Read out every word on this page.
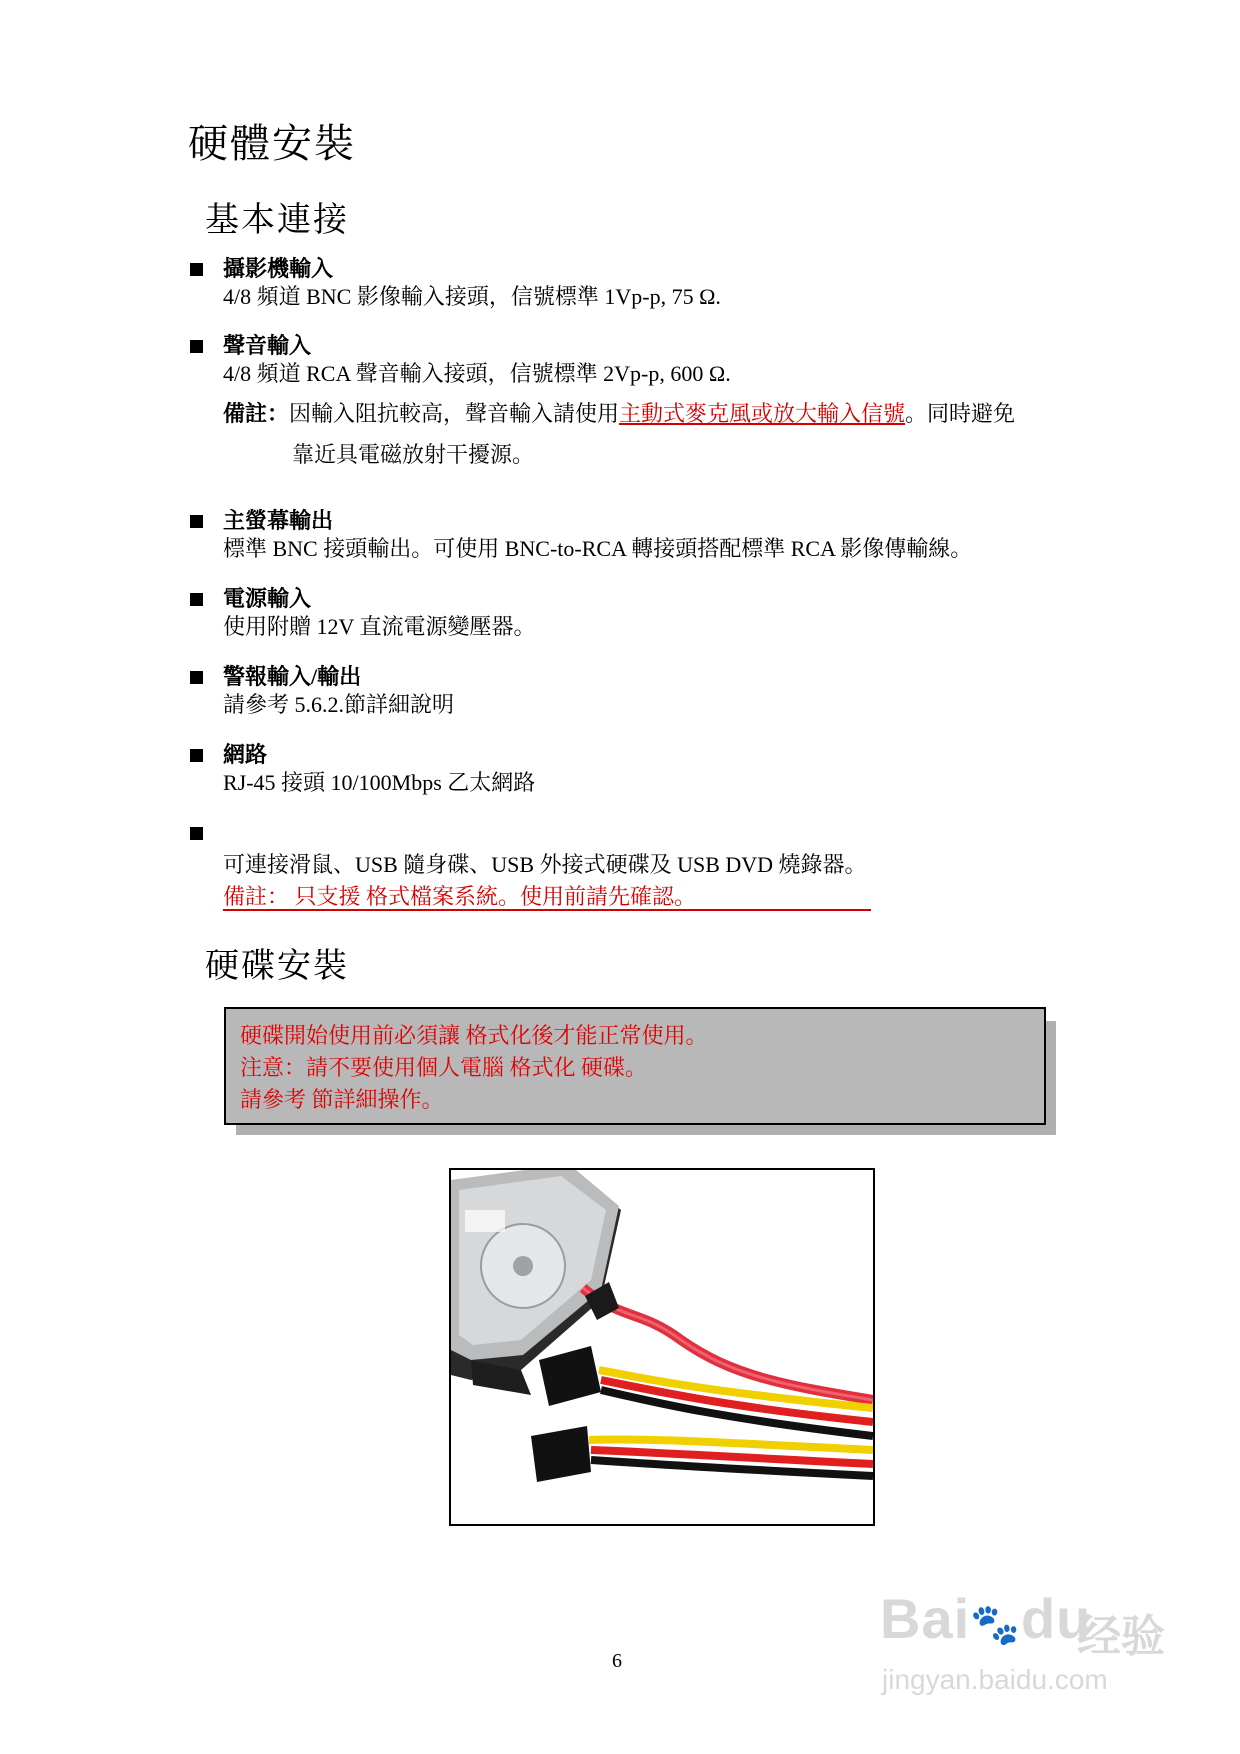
硬體安裝
基本連接
攝影機輸入
4/8 頻道 BNC 影像輸入接頭，信號標準 1Vp-p, 75 Ω.
聲音輸入
4/8 頻道 RCA 聲音輸入接頭，信號標準 2Vp-p, 600 Ω.
備註：因輸入阻抗較高，聲音輸入請使用主動式麥克風或放大輸入信號。同時避免
靠近具電磁放射干擾源。
主螢幕輸出
標準 BNC 接頭輸出。可使用 BNC-to-RCA 轉接頭搭配標準 RCA 影像傳輸線。
電源輸入
使用附贈 12V 直流電源變壓器。
警報輸入/輸出
請參考 5.6.2.節詳細說明
網路
RJ-45 接頭 10/100Mbps 乙太網路
可連接滑鼠、USB 隨身碟、USB 外接式硬碟及 USB DVD 燒錄器。
備註： 只支援 格式檔案系統。使用前請先確認。
硬碟安裝

硬碟開始使用前必須讓 格式化後才能正常使用。

注意：請不要使用個人電腦 格式化 硬碟。

請參考 節詳細操作。

6
Bai🐾du
经验
jingyan.baidu.com
